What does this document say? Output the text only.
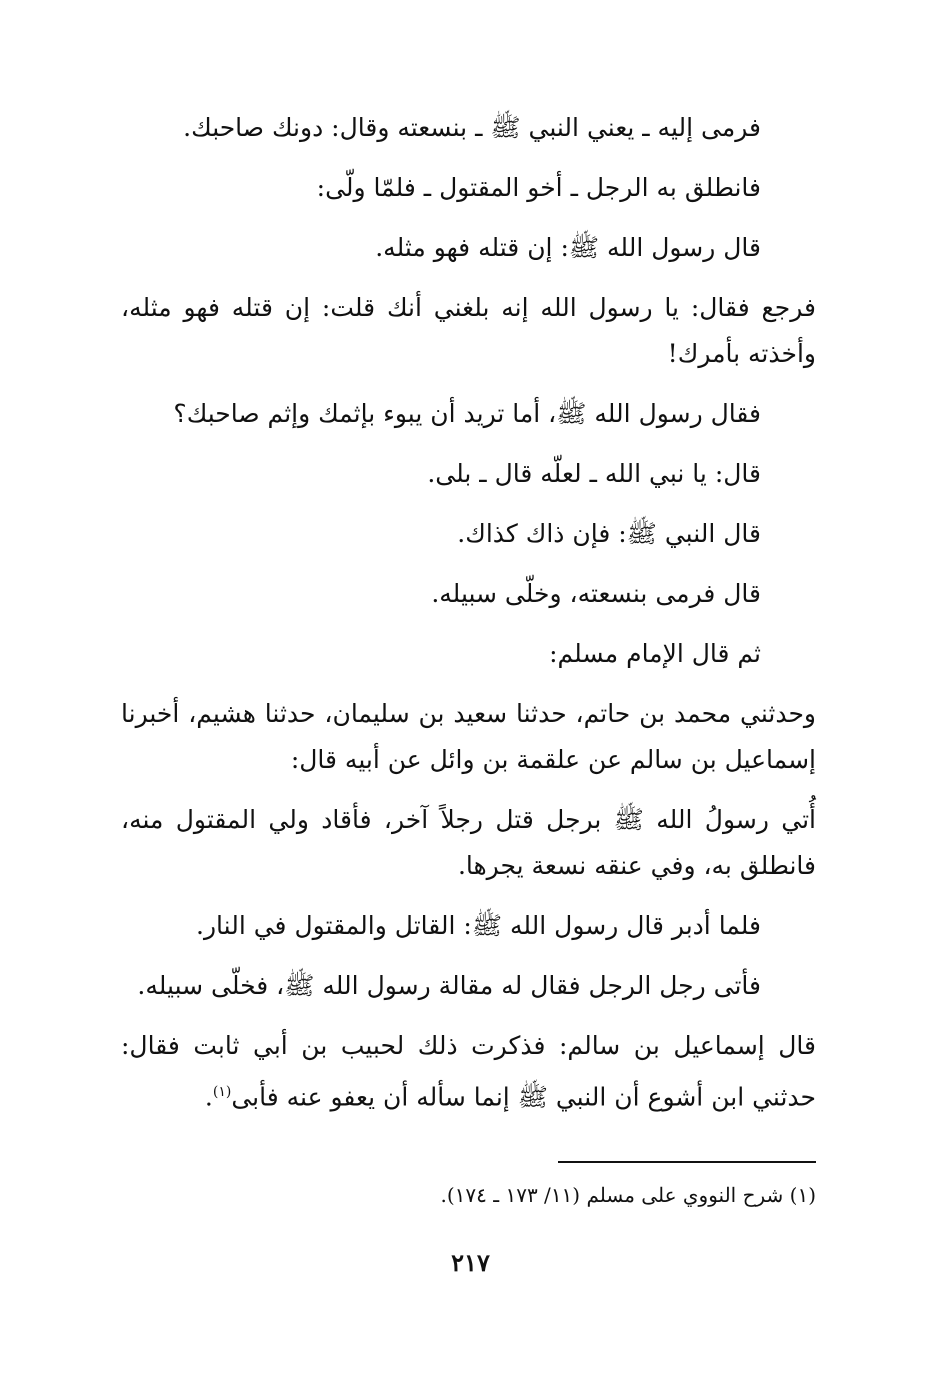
فرمى إليه ـ يعني النبي ﷺ ـ بنسعته وقال: دونك صاحبك.

فانطلق به الرجل ـ أخو المقتول ـ فلمّا ولّى:

قال رسول الله ﷺ: إن قتله فهو مثله.

فرجع فقال: يا رسول الله إنه بلغني أنك قلت: إن قتله فهو مثله، وأخذته بأمرك!

فقال رسول الله ﷺ، أما تريد أن يبوء بإثمك وإثم صاحبك؟

قال: يا نبي الله ـ لعلّه قال ـ بلى.

قال النبي ﷺ: فإن ذاك كذاك.

قال فرمى بنسعته، وخلّى سبيله.

ثم قال الإمام مسلم:

وحدثني محمد بن حاتم، حدثنا سعيد بن سليمان، حدثنا هشيم، أخبرنا إسماعيل بن سالم عن علقمة بن وائل عن أبيه قال:

أُتي رسولُ الله ﷺ برجل قتل رجلاً آخر، فأقاد ولي المقتول منه، فانطلق به، وفي عنقه نسعة يجرها.

فلما أدبر قال رسول الله ﷺ: القاتل والمقتول في النار.

فأتى رجل الرجل فقال له مقالة رسول الله ﷺ، فخلّى سبيله.

قال إسماعيل بن سالم: فذكرت ذلك لحبيب بن أبي ثابت فقال: حدثني ابن أشوع أن النبي ﷺ إنما سأله أن يعفو عنه فأبى$^{(١)}$.

(١) شرح النووي على مسلم (١١/ ١٧٣ ـ ١٧٤).
٢١٧
